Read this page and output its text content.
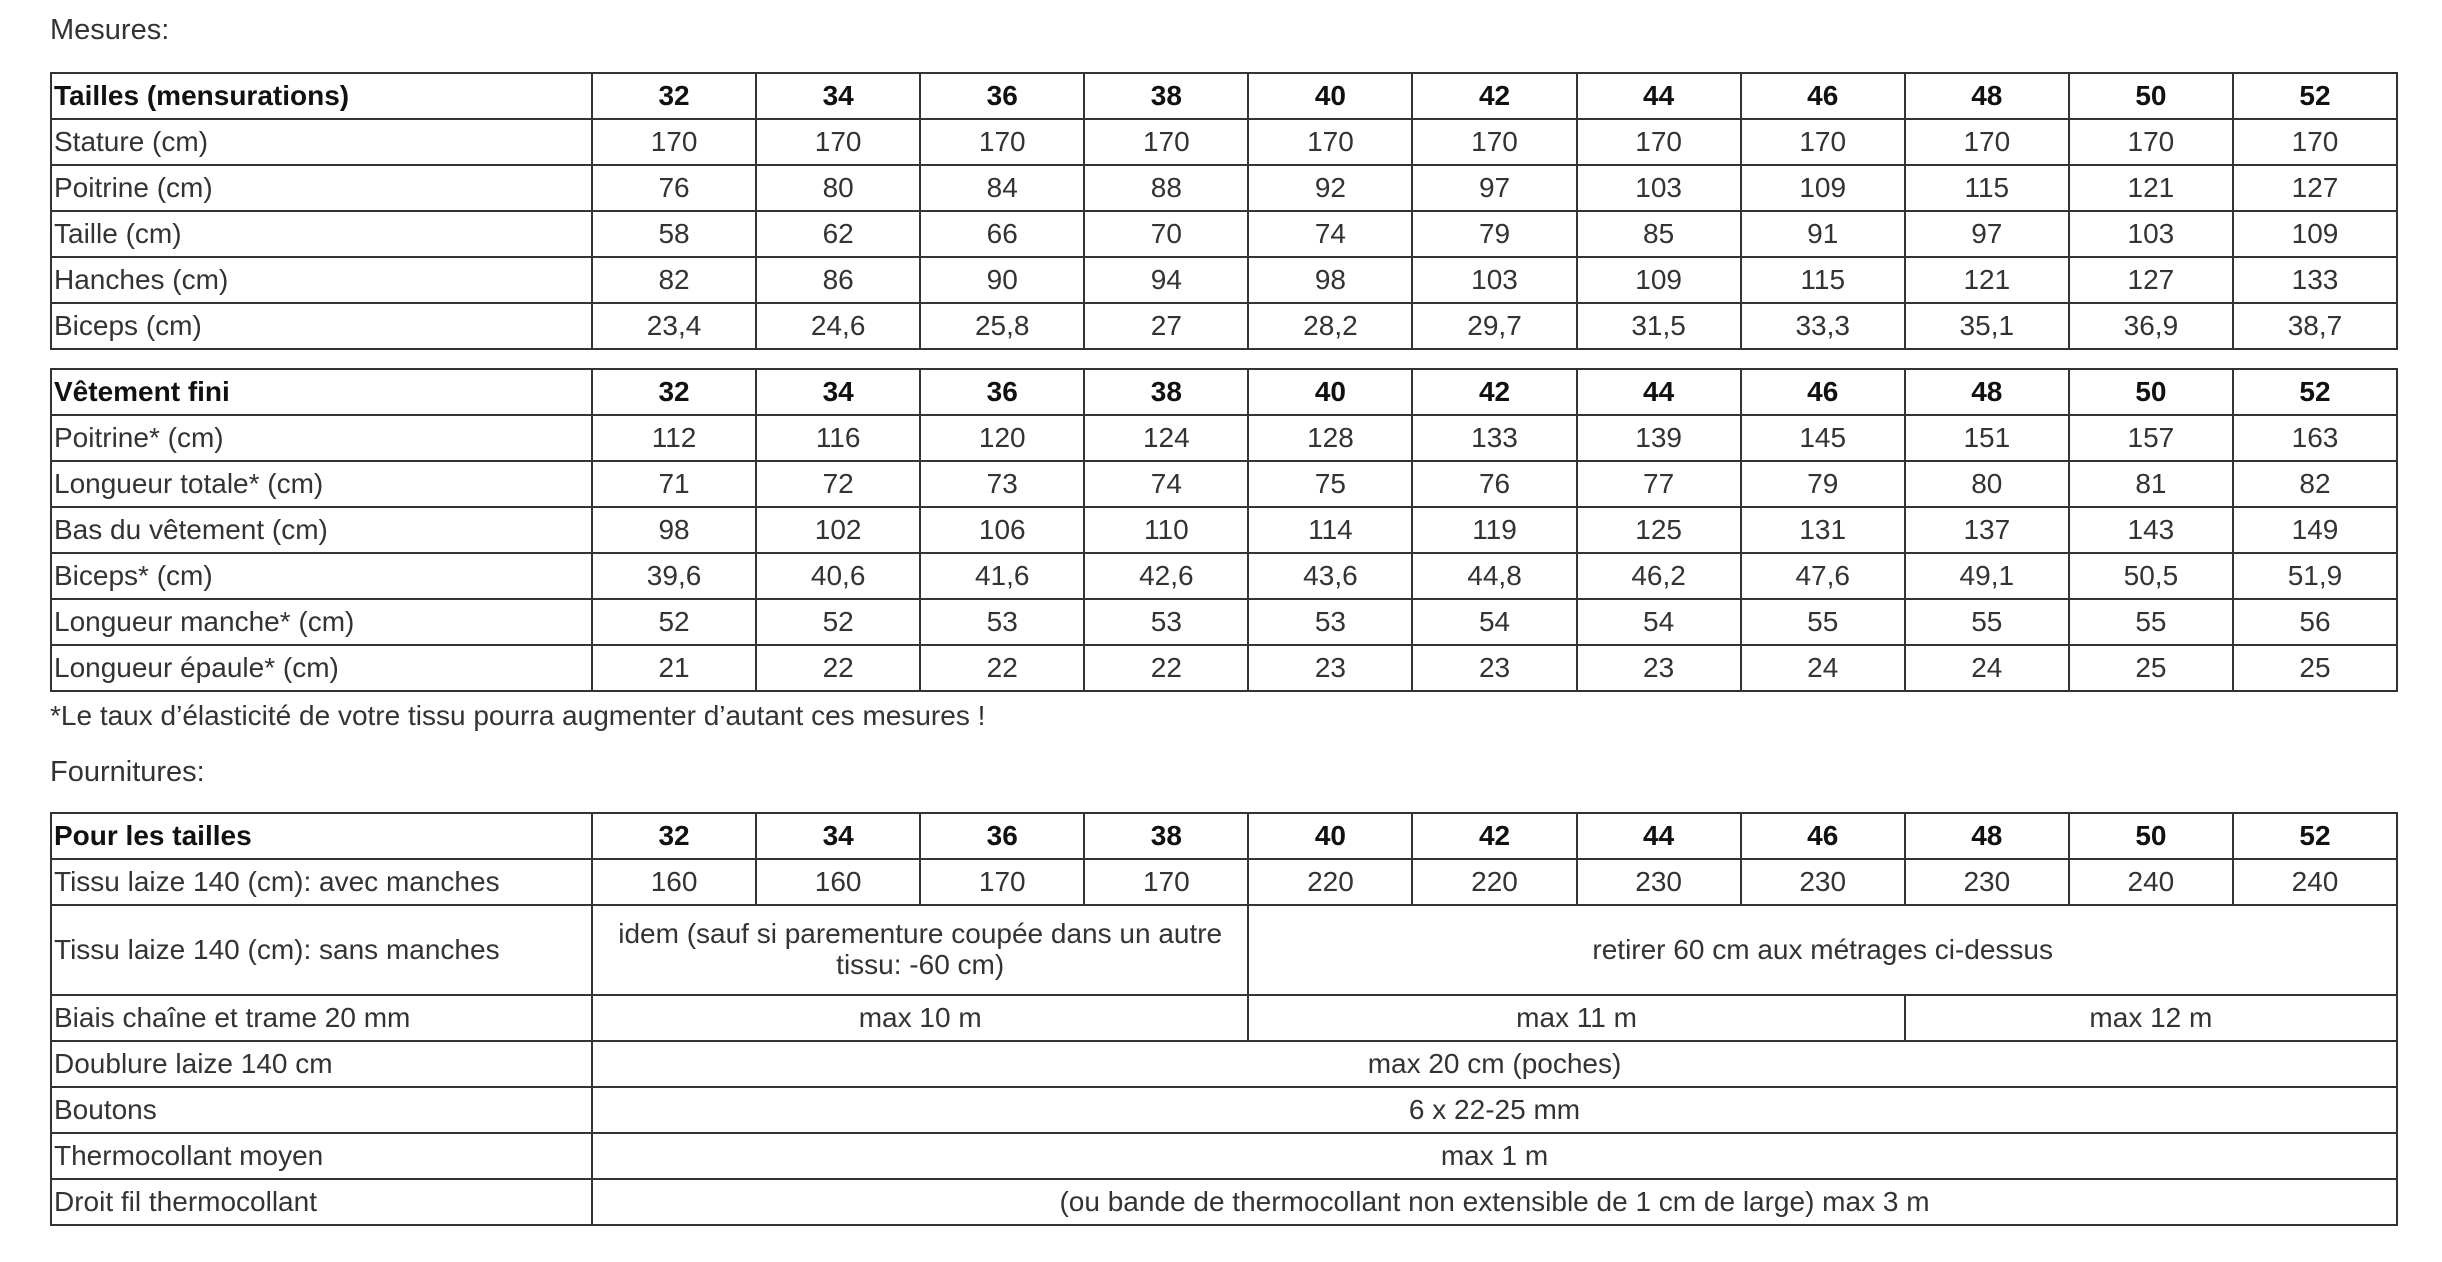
Mesures:
Tailles (mensurations)	32	34	36	38	40	42	44	46	48	50	52
Stature (cm)	170	170	170	170	170	170	170	170	170	170	170
Poitrine (cm)	76	80	84	88	92	97	103	109	115	121	127
Taille (cm)	58	62	66	70	74	79	85	91	97	103	109
Hanches (cm)	82	86	90	94	98	103	109	115	121	127	133
Biceps (cm)	23,4	24,6	25,8	27	28,2	29,7	31,5	33,3	35,1	36,9	38,7
Vêtement fini	32	34	36	38	40	42	44	46	48	50	52
Poitrine* (cm)	112	116	120	124	128	133	139	145	151	157	163
Longueur totale* (cm)	71	72	73	74	75	76	77	79	80	81	82
Bas du vêtement (cm)	98	102	106	110	114	119	125	131	137	143	149
Biceps* (cm)	39,6	40,6	41,6	42,6	43,6	44,8	46,2	47,6	49,1	50,5	51,9
Longueur manche* (cm)	52	52	53	53	53	54	54	55	55	55	56
Longueur épaule* (cm)	21	22	22	22	23	23	23	24	24	25	25
*Le taux d’élasticité de votre tissu pourra augmenter d’autant ces mesures !
Fournitures:
Pour les tailles	32	34	36	38	40	42	44	46	48	50	52
Tissu laize 140 (cm): avec manches	160	160	170	170	220	220	230	230	230	240	240
Tissu laize 140 (cm): sans manches	idem (sauf si parementure coupée dans un autre tissu: -60 cm)				retirer 60 cm aux métrages ci-dessus						
Biais chaîne et trame 20 mm	max 10 m				max 11 m				max 12 m		
Doublure laize 140 cm	max 20 cm (poches)										
Boutons	6 x 22-25 mm										
Thermocollant moyen	max 1 m										
Droit fil thermocollant	(ou bande de thermocollant non extensible de 1 cm de large) max 3 m										
